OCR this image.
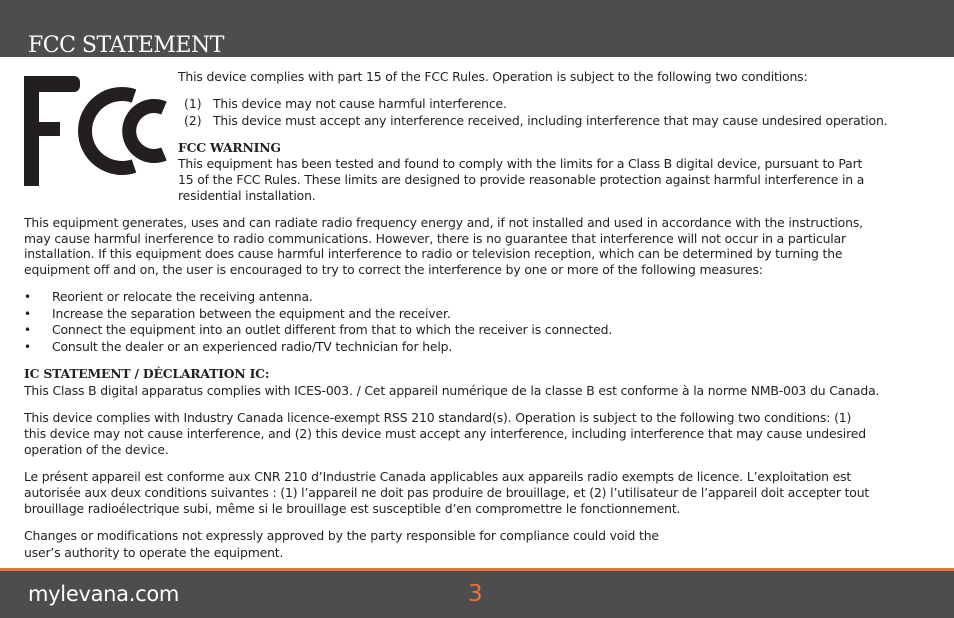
FCC STATEMENT
This device complies with part 15 of the FCC Rules. Operation is subject to the following two conditions:
(1) This device may not cause harmful interference.
(2) This device must accept any interference received, including interference that may cause undesired operation.
FCC WARNING
This equipment has been tested and found to comply with the limits for a Class B digital device, pursuant to Part
15 of the FCC Rules. These limits are designed to provide reasonable protection against harmful interference in a
residential installation.
This equipment generates, uses and can radiate radio frequency energy and, if not installed and used in accordance with the instructions,
may cause harmful inerference to radio communications. However, there is no guarantee that interference will not occur in a particular
installation. If this equipment does cause harmful interference to radio or television reception, which can be determined by turning the
equipment off and on, the user is encouraged to try to correct the interference by one or more of the following measures:
• Reorient or relocate the receiving antenna.
• Increase the separation between the equipment and the receiver.
• Connect the equipment into an outlet different from that to which the receiver is connected.
• Consult the dealer or an experienced radio/TV technician for help.
IC STATEMENT / DÉCLARATION IC:
This Class B digital apparatus complies with ICES-003. / Cet appareil numérique de la classe B est conforme à la norme NMB-003 du Canada.
This device complies with Industry Canada licence-exempt RSS 210 standard(s). Operation is subject to the following two conditions: (1)
this device may not cause interference, and (2) this device must accept any interference, including interference that may cause undesired
operation of the device.
Le présent appareil est conforme aux CNR 210 d’Industrie Canada applicables aux appareils radio exempts de licence. L’exploitation est
autorisée aux deux conditions suivantes : (1) l’appareil ne doit pas produire de brouillage, et (2) l’utilisateur de l’appareil doit accepter tout
brouillage radioélectrique subi, même si le brouillage est susceptible d’en compromettre le fonctionnement.
Changes or modifications not expressly approved by the party responsible for compliance could void the
user’s authority to operate the equipment.
mylevana.com	3
